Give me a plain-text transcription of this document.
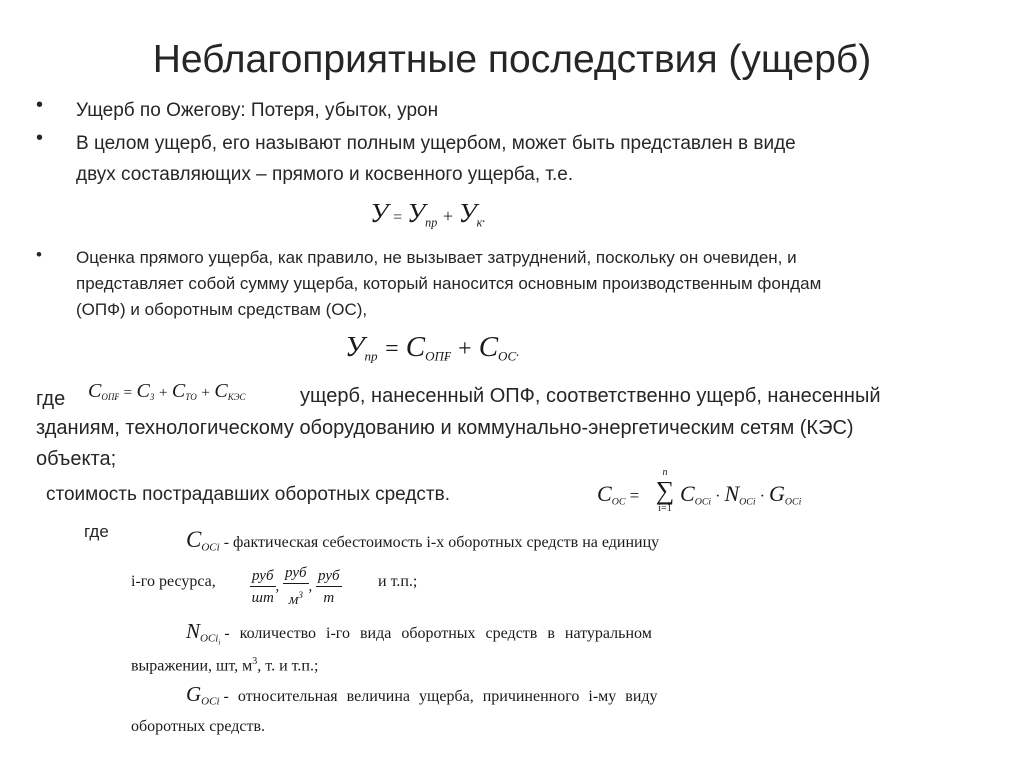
Неблагоприятные последствия (ущерб)
• Ущерб по Ожегову: Потеря, убыток, урон
• В целом ущерб, его называют полным ущербом, может быть представлен в виде
двух составляющих – прямого и косвенного ущерба, т.е.
$У = У_{пр} + У_к$.
• Оценка прямого ущерба, как правило, не вызывает затруднений, поскольку он очевиден, и
представляет собой сумму ущерба, который наносится основным производственным фондам
(ОПФ) и оборотным средствам (ОС),
$У_{пр} = С_{ОП₣} + С_{ОС}$.
где $С_{ОП₣} = С_З + С_{ТО} + С_{КЭС}$	ущерб, нанесенный ОПФ, соответственно ущерб, нанесенный
зданиям, технологическому оборудованию и коммунально-энергетическим сетям (КЭС)
объекта;
стоимость пострадавших оборотных средств.	$С_{ОС}$ =
n
∑
i=1
$С_{ОСi} \cdot N_{ОСi} \cdot G_{ОСi}$
где	$C_{ОСi}$ - фактическая себестоимость i-х оборотных средств на единицу
i-го ресурса, $\frac{\text{руб}}{шт}$ , $\frac{\text{руб}}{м^3}$ , $\frac{\text{руб}}{т}$ и т.п.;
$N_{ОСii}$ - количество i-го вида оборотных средств в натуральном
выражении, шт, $м^3$, т. и т.п.;
$G_{ОСi}$ - относительная величина ущерба, причиненного i-му виду
оборотных средств.
